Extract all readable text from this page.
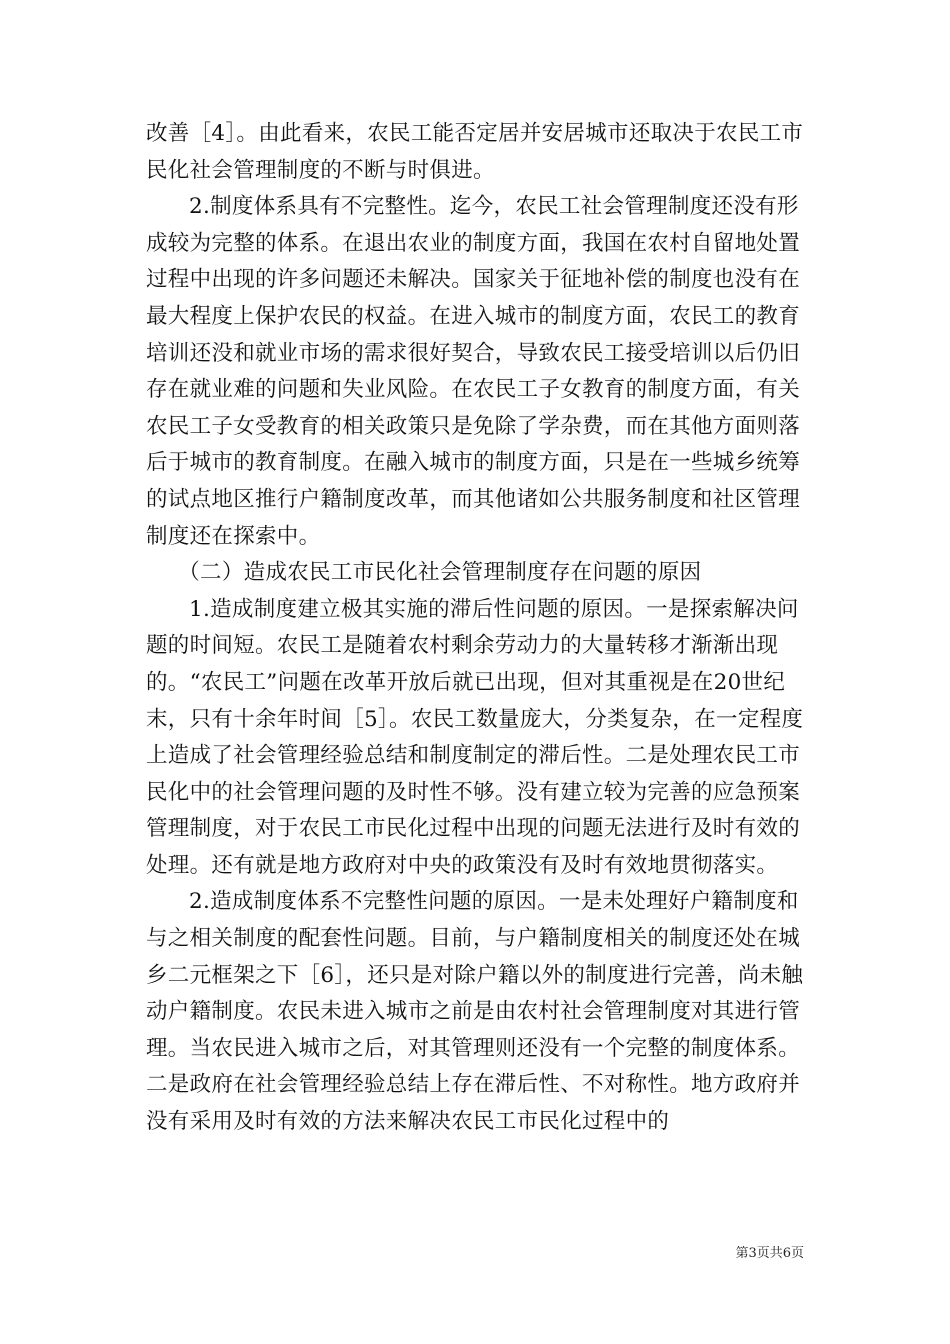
改善［4］。由此看来，农民工能否定居并安居城市还取决于农民工市民化社会管理制度的不断与时俱进。

2.制度体系具有不完整性。迄今，农民工社会管理制度还没有形成较为完整的体系。在退出农业的制度方面，我国在农村自留地处置过程中出现的许多问题还未解决。国家关于征地补偿的制度也没有在最大程度上保护农民的权益。在进入城市的制度方面，农民工的教育培训还没和就业市场的需求很好契合，导致农民工接受培训以后仍旧存在就业难的问题和失业风险。在农民工子女教育的制度方面，有关农民工子女受教育的相关政策只是免除了学杂费，而在其他方面则落后于城市的教育制度。在融入城市的制度方面，只是在一些城乡统筹的试点地区推行户籍制度改革，而其他诸如公共服务制度和社区管理制度还在探索中。

（二）造成农民工市民化社会管理制度存在问题的原因

1.造成制度建立极其实施的滞后性问题的原因。一是探索解决问题的时间短。农民工是随着农村剩余劳动力的大量转移才渐渐出现的。“农民工”问题在改革开放后就已出现，但对其重视是在20世纪末，只有十余年时间［5］。农民工数量庞大，分类复杂，在一定程度上造成了社会管理经验总结和制度制定的滞后性。二是处理农民工市民化中的社会管理问题的及时性不够。没有建立较为完善的应急预案管理制度，对于农民工市民化过程中出现的问题无法进行及时有效的处理。还有就是地方政府对中央的政策没有及时有效地贯彻落实。

2.造成制度体系不完整性问题的原因。一是未处理好户籍制度和与之相关制度的配套性问题。目前，与户籍制度相关的制度还处在城乡二元框架之下［6］，还只是对除户籍以外的制度进行完善，尚未触动户籍制度。农民未进入城市之前是由农村社会管理制度对其进行管理。当农民进入城市之后，对其管理则还没有一个完整的制度体系。二是政府在社会管理经验总结上存在滞后性、不对称性。地方政府并没有采用及时有效的方法来解决农民工市民化过程中的

第3页共6页
